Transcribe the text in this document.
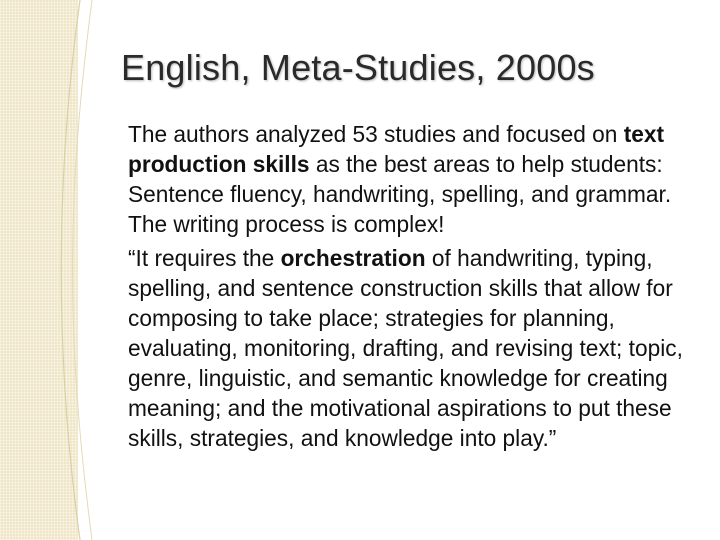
English, Meta-Studies, 2000s

The authors analyzed 53 studies and focused on text production skills as the best areas to help students: Sentence fluency, handwriting, spelling, and grammar. The writing process is complex!

“It requires the orchestration of handwriting, typing, spelling, and sentence construction skills that allow for composing to take place; strategies for planning, evaluating, monitoring, drafting, and revising text; topic, genre, linguistic, and semantic knowledge for creating meaning; and the motivational aspirations to put these skills, strategies, and knowledge into play.”
